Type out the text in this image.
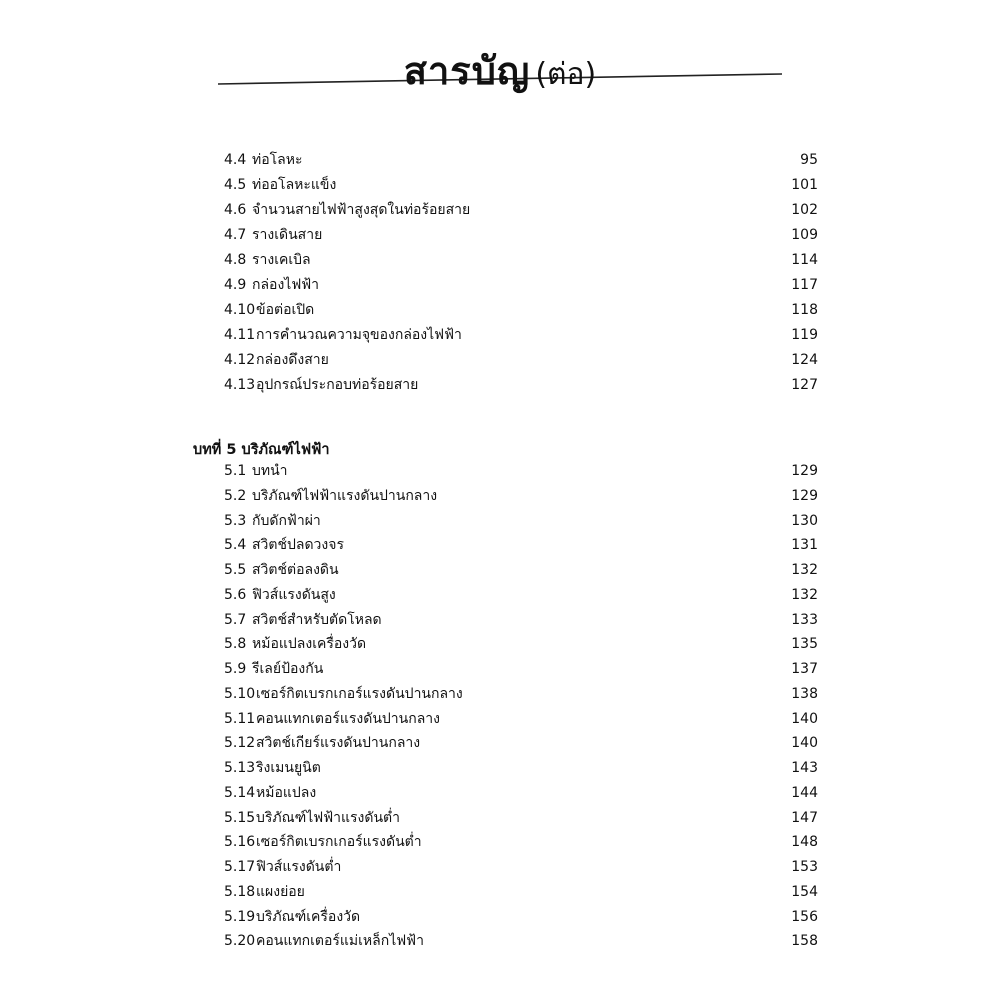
สารบัญ (ต่อ)
4.4 ท่อโลหะ	95
4.5 ท่ออโลหะแข็ง	101
4.6 จำนวนสายไฟฟ้าสูงสุดในท่อร้อยสาย	102
4.7 รางเดินสาย	109
4.8 รางเคเบิล	114
4.9 กล่องไฟฟ้า	117
4.10 ข้อต่อเปิด	118
4.11 การคำนวณความจุของกล่องไฟฟ้า	119
4.12 กล่องดึงสาย	124
4.13 อุปกรณ์ประกอบท่อร้อยสาย	127
บทที่ 5 บริภัณฑ์ไฟฟ้า
5.1 บทนำ	129
5.2 บริภัณฑ์ไฟฟ้าแรงดันปานกลาง	129
5.3 กับดักฟ้าผ่า	130
5.4 สวิตช์ปลดวงจร	131
5.5 สวิตช์ต่อลงดิน	132
5.6 ฟิวส์แรงดันสูง	132
5.7 สวิตช์สำหรับตัดโหลด	133
5.8 หม้อแปลงเครื่องวัด	135
5.9 รีเลย์ป้องกัน	137
5.10 เซอร์กิตเบรกเกอร์แรงดันปานกลาง	138
5.11 คอนแทกเตอร์แรงดันปานกลาง	140
5.12 สวิตช์เกียร์แรงดันปานกลาง	140
5.13 ริงเมนยูนิต	143
5.14 หม้อแปลง	144
5.15 บริภัณฑ์ไฟฟ้าแรงดันต่ำ	147
5.16 เซอร์กิตเบรกเกอร์แรงดันต่ำ	148
5.17 ฟิวส์แรงดันต่ำ	153
5.18 แผงย่อย	154
5.19 บริภัณฑ์เครื่องวัด	156
5.20 คอนแทกเตอร์แม่เหล็กไฟฟ้า	158
